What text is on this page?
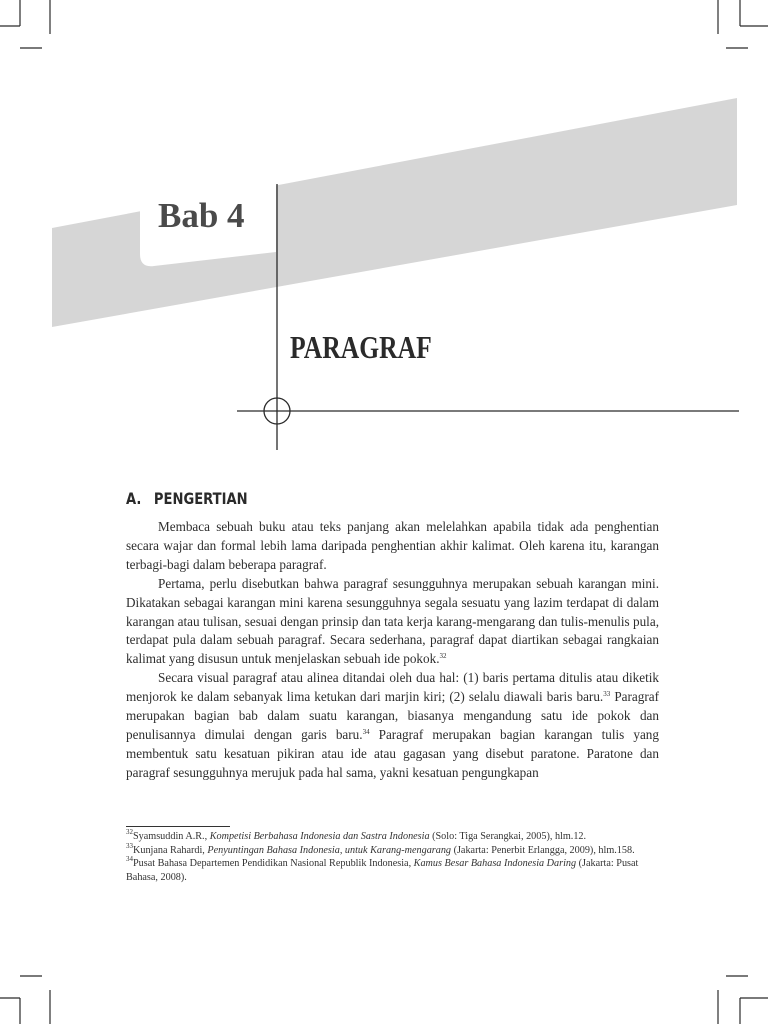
Bab 4
PARAGRAF
A. PENGERTIAN

Membaca sebuah buku atau teks panjang akan melelahkan apabila tidak ada penghentian secara wajar dan formal lebih lama daripada penghentian akhir kalimat. Oleh karena itu, karangan terbagi-bagi dalam beberapa paragraf.

Pertama, perlu disebutkan bahwa paragraf sesungguhnya merupakan sebuah karangan mini. Dikatakan sebagai karangan mini karena sesungguhnya segala sesuatu yang lazim terdapat di dalam karangan atau tulisan, sesuai dengan prinsip dan tata kerja karang-mengarang dan tulis-menulis pula, terdapat pula dalam sebuah paragraf. Secara sederhana, paragraf dapat diartikan sebagai rangkaian kalimat yang disusun untuk menjelaskan sebuah ide pokok.$^{32}$

Secara visual paragraf atau alinea ditandai oleh dua hal: (1) baris pertama ditulis atau diketik menjorok ke dalam sebanyak lima ketukan dari marjin kiri; (2) selalu diawali baris baru.$^{33}$ Paragraf merupakan bagian bab dalam suatu karangan, biasanya mengandung satu ide pokok dan penulisannya dimulai dengan garis baru.$^{34}$ Paragraf merupakan bagian karangan tulis yang membentuk satu kesatuan pikiran atau ide atau gagasan yang disebut paratone. Paratone dan paragraf sesungguhnya merujuk pada hal sama, yakni kesatuan pengungkapan

$^{32}$Syamsuddin A.R., Kompetisi Berbahasa Indonesia dan Sastra Indonesia (Solo: Tiga Serangkai, 2005), hlm.12.

$^{33}$Kunjana Rahardi, Penyuntingan Bahasa Indonesia, untuk Karang-mengarang (Jakarta: Penerbit Erlangga, 2009), hlm.158.

$^{34}$Pusat Bahasa Departemen Pendidikan Nasional Republik Indonesia, Kamus Besar Bahasa Indonesia Daring (Jakarta: Pusat Bahasa, 2008).
